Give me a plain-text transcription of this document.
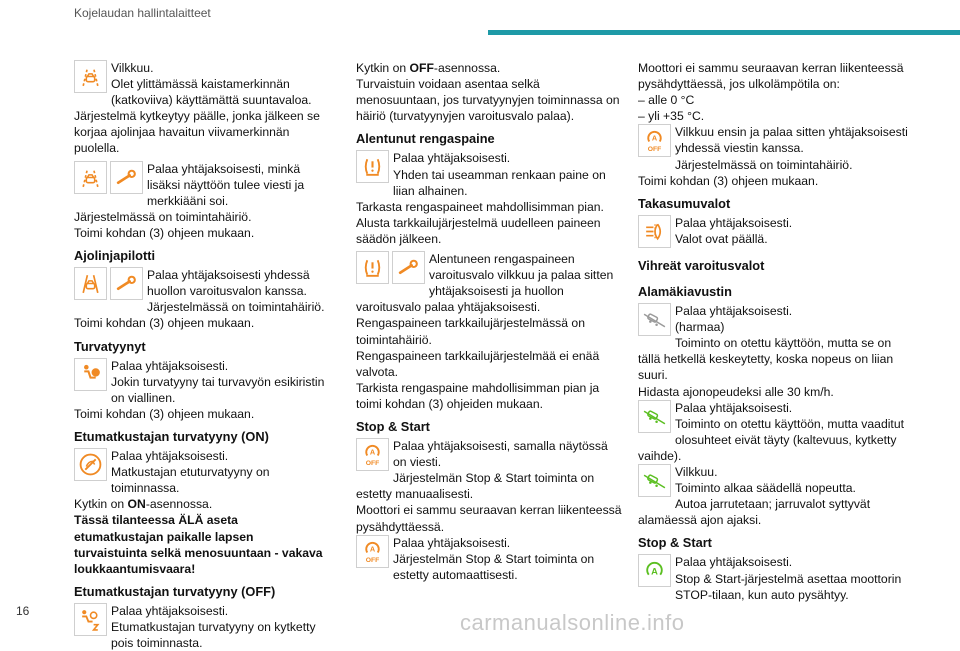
Kojelaudan hallintalaitteet

Vilkkuu.

Olet ylittämässä kaistamerkinnän (katkoviiva) käyttämättä suuntavaloa.

Järjestelmä kytkeytyy päälle, jonka jälkeen se korjaa ajolinjaa havaitun viivamerkinnän puolella.

Palaa yhtäjaksoisesti, minkä lisäksi näyttöön tulee viesti ja merkkiääni soi.

Järjestelmässä on toimintahäiriö.

Toimi kohdan (3) ohjeen mukaan.

Ajolinjapilotti

Palaa yhtäjaksoisesti yhdessä huollon varoitusvalon kanssa.

Järjestelmässä on toimintahäiriö.

Toimi kohdan (3) ohjeen mukaan.

Turvatyynyt

Palaa yhtäjaksoisesti.

Jokin turvatyyny tai turvavyön esikiristin on viallinen.

Toimi kohdan (3) ohjeen mukaan.

Etumatkustajan turvatyyny (ON)

Palaa yhtäjaksoisesti.

Matkustajan etuturvatyyny on toiminnassa.

Kytkin on ON-asennossa.

Tässä tilanteessa ÄLÄ aseta etumatkustajan paikalle lapsen turvaistuinta selkä menosuuntaan - vakava loukkaantumisvaara!

Etumatkustajan turvatyyny (OFF)

Palaa yhtäjaksoisesti.

Etumatkustajan turvatyyny on kytketty pois toiminnasta.

Kytkin on OFF-asennossa.

Turvaistuin voidaan asentaa selkä menosuuntaan, jos turvatyynyjen toiminnassa on häiriö (turvatyynyjen varoitusvalo palaa).

Alentunut rengaspaine

Palaa yhtäjaksoisesti.

Yhden tai useamman renkaan paine on liian alhainen.

Tarkasta rengaspaineet mahdollisimman pian.

Alusta tarkkailujärjestelmä uudelleen paineen säädön jälkeen.

Alentuneen rengaspaineen varoitusvalo vilkkuu ja palaa sitten yhtäjaksoisesti ja huollon varoitusvalo palaa yhtäjaksoisesti.

Rengaspaineen tarkkailujärjestelmässä on toimintahäiriö.

Rengaspaineen tarkkailujärjestelmää ei enää valvota.

Tarkista rengaspaine mahdollisimman pian ja toimi kohdan (3) ohjeiden mukaan.

Stop & Start
A
OFF

Palaa yhtäjaksoisesti, samalla näytössä on viesti.

Järjestelmän Stop & Start toiminta on estetty manuaalisesti.

Moottori ei sammu seuraavan kerran liikenteessä pysähdyttäessä.

A
OFF

Palaa yhtäjaksoisesti.

Järjestelmän Stop & Start toiminta on estetty automaattisesti.

Moottori ei sammu seuraavan kerran liikenteessä pysähdyttäessä, jos ulkolämpötila on:

– alle 0 °C

– yli +35 °C.

A
OFF

Vilkkuu ensin ja palaa sitten yhtäjaksoisesti yhdessä viestin kanssa.

Järjestelmässä on toimintahäiriö.

Toimi kohdan (3) ohjeen mukaan.

Takasumuvalot

Palaa yhtäjaksoisesti.

Valot ovat päällä.

Vihreät varoitusvalot
Alamäkiavustin

Palaa yhtäjaksoisesti.

(harmaa)

Toiminto on otettu käyttöön, mutta se on tällä hetkellä keskeytetty, koska nopeus on liian suuri.

Hidasta ajonopeudeksi alle 30 km/h.

Palaa yhtäjaksoisesti.

Toiminto on otettu käyttöön, mutta vaaditut olosuhteet eivät täyty (kaltevuus, kytketty vaihde).

Vilkkuu.

Toiminto alkaa säädellä nopeutta.

Autoa jarrutetaan; jarruvalot syttyvät alamäessä ajon ajaksi.

Stop & Start
A

Palaa yhtäjaksoisesti.

Stop & Start-järjestelmä asettaa moottorin STOP-tilaan, kun auto pysähtyy.

16	carmanualsonline.info
